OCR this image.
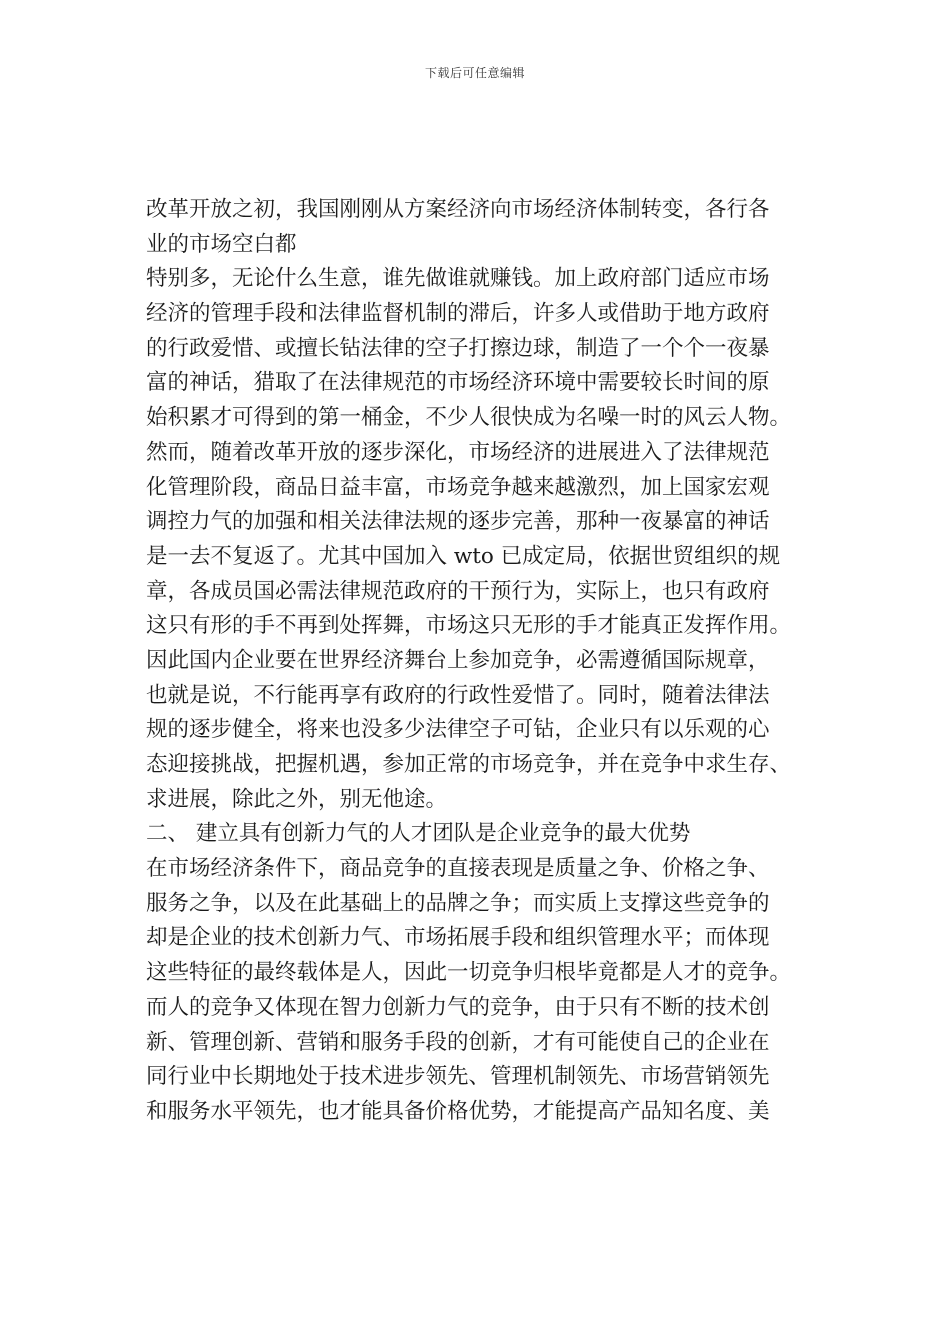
下载后可任意编辑
改革开放之初，我国刚刚从方案经济向市场经济体制转变，各行各
业的市场空白都
特别多，无论什么生意，谁先做谁就赚钱。加上政府部门适应市场
经济的管理手段和法律监督机制的滞后，许多人或借助于地方政府
的行政爱惜、或擅长钻法律的空子打擦边球，制造了一个个一夜暴
富的神话，猎取了在法律规范的市场经济环境中需要较长时间的原
始积累才可得到的第一桶金，不少人很快成为名噪一时的风云人物。
然而，随着改革开放的逐步深化，市场经济的进展进入了法律规范
化管理阶段，商品日益丰富，市场竞争越来越激烈，加上国家宏观
调控力气的加强和相关法律法规的逐步完善，那种一夜暴富的神话
是一去不复返了。尤其中国加入 wto 已成定局，依据世贸组织的规
章，各成员国必需法律规范政府的干预行为，实际上，也只有政府
这只有形的手不再到处挥舞，市场这只无形的手才能真正发挥作用。
因此国内企业要在世界经济舞台上参加竞争，必需遵循国际规章，
也就是说，不行能再享有政府的行政性爱惜了。同时，随着法律法
规的逐步健全，将来也没多少法律空子可钻，企业只有以乐观的心
态迎接挑战，把握机遇，参加正常的市场竞争，并在竞争中求生存、
求进展，除此之外，别无他途。
二、 建立具有创新力气的人才团队是企业竞争的最大优势
在市场经济条件下，商品竞争的直接表现是质量之争、价格之争、
服务之争，以及在此基础上的品牌之争；而实质上支撑这些竞争的
却是企业的技术创新力气、市场拓展手段和组织管理水平；而体现
这些特征的最终载体是人，因此一切竞争归根毕竟都是人才的竞争。
而人的竞争又体现在智力创新力气的竞争，由于只有不断的技术创
新、管理创新、营销和服务手段的创新，才有可能使自己的企业在
同行业中长期地处于技术进步领先、管理机制领先、市场营销领先
和服务水平领先，也才能具备价格优势，才能提高产品知名度、美
